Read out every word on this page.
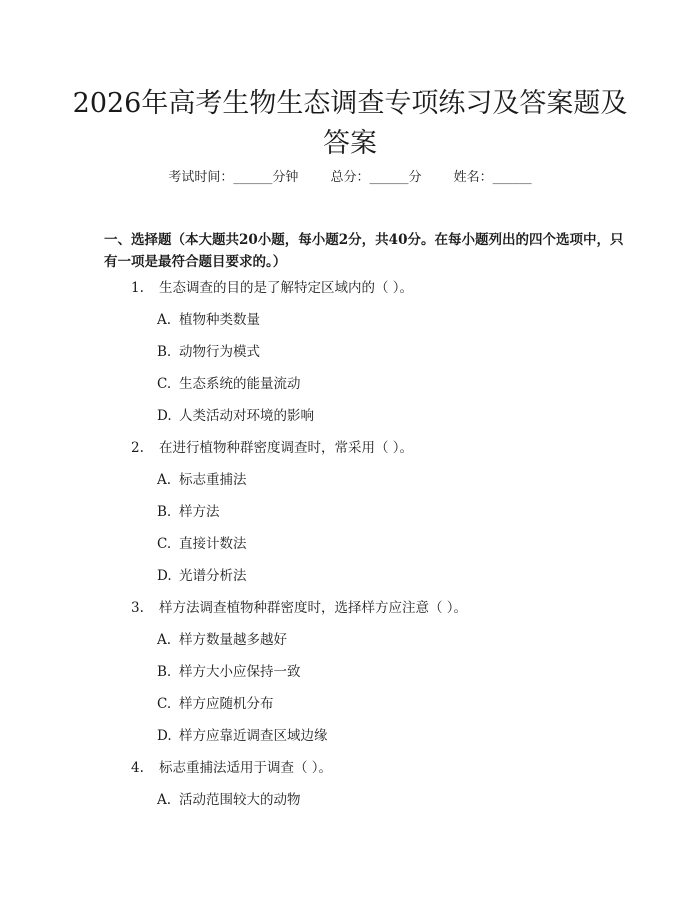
2026年高考生物生态调查专项练习及答案题及答案
考试时间：______分钟 总分：______分 姓名：______

一、选择题（本大题共20小题，每小题2分，共40分。在每小题列出的四个选项中，只有一项是最符合题目要求的。）

1. 生态调查的目的是了解特定区域内的（ ）。
A. 植物种类数量
B. 动物行为模式
C. 生态系统的能量流动
D. 人类活动对环境的影响
2. 在进行植物种群密度调查时，常采用（ ）。
A. 标志重捕法
B. 样方法
C. 直接计数法
D. 光谱分析法
3. 样方法调查植物种群密度时，选择样方应注意（ ）。
A. 样方数量越多越好
B. 样方大小应保持一致
C. 样方应随机分布
D. 样方应靠近调查区域边缘
4. 标志重捕法适用于调查（ ）。
A. 活动范围较大的动物
